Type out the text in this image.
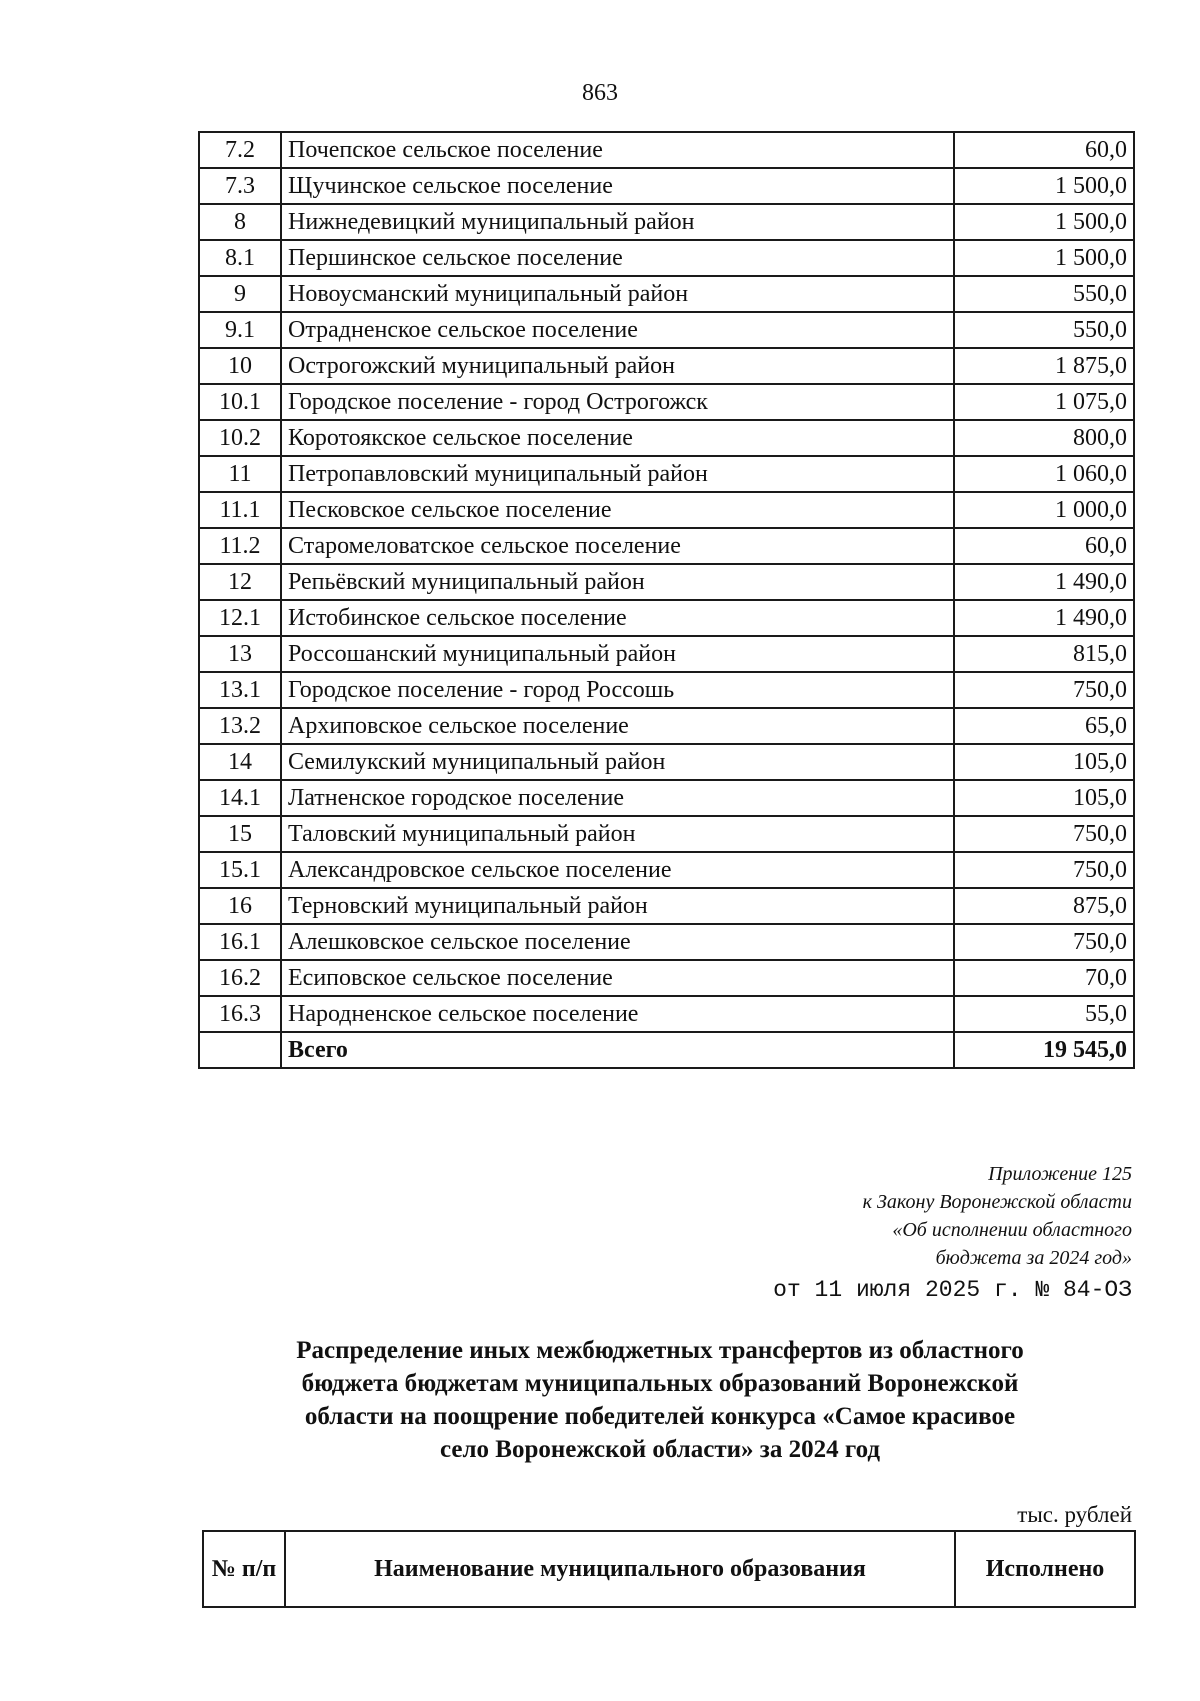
863
7.2	Почепское сельское поселение	60,0
7.3	Щучинское сельское поселение	1 500,0
8	Нижнедевицкий муниципальный район	1 500,0
8.1	Першинское сельское поселение	1 500,0
9	Новоусманский муниципальный район	550,0
9.1	Отрадненское сельское поселение	550,0
10	Острогожский муниципальный район	1 875,0
10.1	Городское поселение - город Острогожск	1 075,0
10.2	Коротоякское сельское поселение	800,0
11	Петропавловский муниципальный район	1 060,0
11.1	Песковское сельское поселение	1 000,0
11.2	Старомеловатское сельское поселение	60,0
12	Репьёвский муниципальный район	1 490,0
12.1	Истобинское сельское поселение	1 490,0
13	Россошанский муниципальный район	815,0
13.1	Городское поселение - город Россошь	750,0
13.2	Архиповское сельское поселение	65,0
14	Семилукский муниципальный район	105,0
14.1	Латненское городское поселение	105,0
15	Таловский муниципальный район	750,0
15.1	Александровское сельское поселение	750,0
16	Терновский муниципальный район	875,0
16.1	Алешковское сельское поселение	750,0
16.2	Есиповское сельское поселение	70,0
16.3	Народненское сельское поселение	55,0
	Всего	19 545,0
Приложение 125
к Закону Воронежской области
«Об исполнении областного
бюджета за 2024 год»
от 11 июля 2025 г. № 84-ОЗ
Распределение иных межбюджетных трансфертов из областного
бюджета бюджетам муниципальных образований Воронежской
области на поощрение победителей конкурса «Самое красивое
село Воронежской области» за 2024 год
тыс. рублей
№ п/п	Наименование муниципального образования	Исполнено
